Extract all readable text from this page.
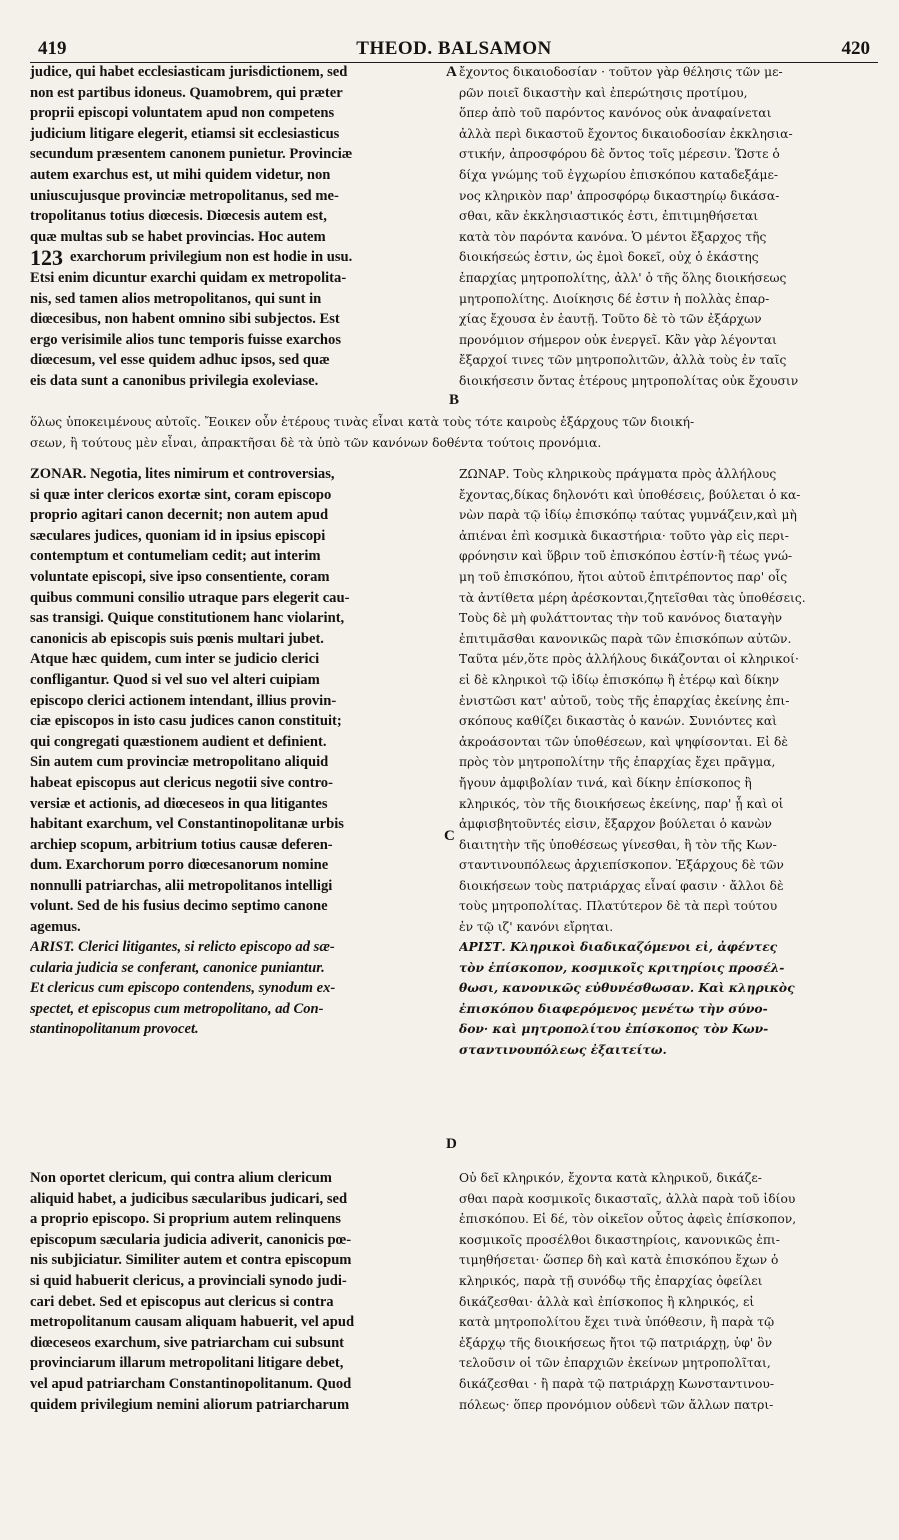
419	THEOD. BALSAMON	420
A
B
C
D
judice, qui habet ecclesiasticam jurisdictionem, sed
non est partibus idoneus. Quamobrem, qui præter
proprii episcopi voluntatem apud non competens
judicium litigare elegerit, etiamsi sit ecclesiasticus
secundum præsentem canonem punietur. Provinciæ
autem exarchus est, ut mihi quidem videtur, non
uniuscujusque provinciæ metropolitanus, sed me-
tropolitanus totius diœcesis. Diœcesis autem est,
quæ multas sub se habet provincias. Hoc autem
exarchorum privilegium non est hodie in usu.
Etsi enim dicuntur exarchi quidam ex metropolita-
nis, sed tamen alios metropolitanos, qui sunt in
diœcesibus, non habent omnino sibi subjectos. Est
ergo verisimile alios tunc temporis fuisse exarchos
diœcesum, vel esse quidem adhuc ipsos, sed quæ
eis data sunt a canonibus privilegia exoleviase.
123
ἔχοντος δικαιοδοσίαν · τοῦτον γὰρ θέλησις τῶν με-
ρῶν ποιεῖ δικαστὴν καὶ ἐπερώτησις προτίμου,
ὅπερ ἀπὸ τοῦ παρόντος κανόνος οὐκ ἀναφαίνεται
ἀλλὰ περὶ δικαστοῦ ἔχοντος δικαιοδοσίαν ἐκκλησια-
στικήν, ἀπροσφόρου δὲ ὄντος τοῖς μέρεσιν. Ὥστε ὁ
δίχα γνώμης τοῦ ἐγχωρίου ἐπισκόπου καταδεξάμε-
νος κληρικὸν παρ' ἀπροσφόρῳ δικαστηρίῳ δικάσα-
σθαι, κἂν ἐκκλησιαστικός ἐστι, ἐπιτιμηθήσεται
κατὰ τὸν παρόντα κανόνα. Ὁ μέντοι ἔξαρχος τῆς
διοικήσεώς ἐστιν, ὡς ἐμοὶ δοκεῖ, οὐχ ὁ ἑκάστης
ἐπαρχίας μητροπολίτης, ἀλλ' ὁ τῆς ὅλης διοικήσεως
μητροπολίτης. Διοίκησις δέ ἐστιν ἡ πολλὰς ἐπαρ-
χίας ἔχουσα ἐν ἑαυτῇ. Τοῦτο δὲ τὸ τῶν ἐξάρχων
προνόμιον σήμερον οὐκ ἐνεργεῖ. Κἂν γὰρ λέγονται
ἔξαρχοί τινες τῶν μητροπολιτῶν, ἀλλὰ τοὺς ἐν ταῖς
διοικήσεσιν ὄντας ἑτέρους μητροπολίτας οὐκ ἔχουσιν
ὅλως ὑποκειμένους αὐτοῖς. Ἔοικεν οὖν ἑτέρους τινὰς εἶναι κατὰ τοὺς τότε καιροὺς ἐξάρχους τῶν διοική-
σεων, ἢ τούτους μὲν εἶναι, ἀπρακτῆσαι δὲ τὰ ὑπὸ τῶν κανόνων δοθέντα τούτοις προνόμια.
ZONAR. Negotia, lites nimirum et controversias,
si quæ inter clericos exortæ sint, coram episcopo
proprio agitari canon decernit; non autem apud
sæculares judices, quoniam id in ipsius episcopi
contemptum et contumeliam cedit; aut interim
voluntate episcopi, sive ipso consentiente, coram
quibus communi consilio utraque pars elegerit cau-
sas transigi. Quique constitutionem hanc violarint,
canonicis ab episcopis suis pœnis multari jubet.
Atque hæc quidem, cum inter se judicio clerici
confligantur. Quod si vel suo vel alteri cuipiam
episcopo clerici actionem intendant, illius provin-
ciæ episcopos in isto casu judices canon constituit;
qui congregati quæstionem audient et definient.
Sin autem cum provinciæ metropolitano aliquid
habeat episcopus aut clericus negotii sive contro-
versiæ et actionis, ad diœceseos in qua litigantes
habitant exarchum, vel Constantinopolitanæ urbis
archiep scopum, arbitrium totius causæ deferen-
dum. Exarchorum porro diœcesanorum nomine
nonnulli patriarchas, alii metropolitanos intelligi
volunt. Sed de his fusius decimo septimo canone
agemus.
ΖΩΝΑΡ. Τοὺς κληρικοὺς πράγματα πρὸς ἀλλήλους
ἔχοντας,δίκας δηλονότι καὶ ὑποθέσεις, βούλεται ὁ κα-
νὼν παρὰ τῷ ἰδίῳ ἐπισκόπῳ ταύτας γυμνάζειν,καὶ μὴ
ἀπιέναι ἐπὶ κοσμικὰ δικαστήρια· τοῦτο γὰρ εἰς περι-
φρόνησιν καὶ ὕβριν τοῦ ἐπισκόπου ἐστίν·ἢ τέως γνώ-
μη τοῦ ἐπισκόπου, ἤτοι αὐτοῦ ἐπιτρέποντος παρ' οἷς
τὰ ἀντίθετα μέρη ἀρέσκονται,ζητεῖσθαι τὰς ὑποθέσεις.
Τοὺς δὲ μὴ φυλάττοντας τὴν τοῦ κανόνος διαταγὴν
ἐπιτιμᾶσθαι κανονικῶς παρὰ τῶν ἐπισκόπων αὐτῶν.
Ταῦτα μέν,ὅτε πρὸς ἀλλήλους δικάζονται οἱ κληρικοί·
εἰ δὲ κληρικοὶ τῷ ἰδίῳ ἐπισκόπῳ ἢ ἑτέρῳ καὶ δίκην
ἐνιστῶσι κατ' αὐτοῦ, τοὺς τῆς ἐπαρχίας ἐκείνης ἐπι-
σκόπους καθίζει δικαστὰς ὁ κανών. Συνιόντες καὶ
ἀκροάσονται τῶν ὑποθέσεων, καὶ ψηφίσονται. Εἰ δὲ
πρὸς τὸν μητροπολίτην τῆς ἐπαρχίας ἔχει πρᾶγμα,
ἤγουν ἀμφιβολίαν τινά, καὶ δίκην ἐπίσκοπος ἢ
κληρικός, τὸν τῆς διοικήσεως ἐκείνης, παρ' ᾗ καὶ οἱ
ἀμφισβητοῦντές εἰσιν, ἔξαρχον βούλεται ὁ κανὼν
διαιτητὴν τῆς ὑποθέσεως γίνεσθαι, ἢ τὸν τῆς Κων-
σταντινουπόλεως ἀρχιεπίσκοπον. Ἐξάρχους δὲ τῶν
διοικήσεων τοὺς πατριάρχας εἶναί φασιν · ἄλλοι δὲ
τοὺς μητροπολίτας. Πλατύτερον δὲ τὰ περὶ τούτου
ἐν τῷ ιζ' κανόνι εἴρηται.
ARIST. Clerici litigantes, si relicto episcopo ad sæ-
cularia judicia se conferant, canonice puniantur.
Et clericus cum episcopo contendens, synodum ex-
spectet, et episcopus cum metropolitano, ad Con-
stantinopolitanum provocet.
ΑΡΙΣΤ. Κληρικοὶ διαδικαζόμενοι εἰ, ἀφέντες
τὸν ἐπίσκοπον, κοσμικοῖς κριτηρίοις προσέλ-
θωσι, κανονικῶς εὐθυνέσθωσαν. Καὶ κληρικὸς
ἐπισκόπου διαφερόμενος μενέτω τὴν σύνο-
δον· καὶ μητροπολίτου ἐπίσκοπος τὸν Κων-
σταντινουπόλεως ἐξαιτείτω.
Non oportet clericum, qui contra alium clericum
aliquid habet, a judicibus sæcularibus judicari, sed
a proprio episcopo. Si proprium autem relinquens
episcopum sæcularia judicia adiverit, canonicis pœ-
nis subjiciatur. Similiter autem et contra episcopum
si quid habuerit clericus, a provinciali synodo judi-
cari debet. Sed et episcopus aut clericus si contra
metropolitanum causam aliquam habuerit, vel apud
diœceseos exarchum, sive patriarcham cui subsunt
provinciarum illarum metropolitani litigare debet,
vel apud patriarcham Constantinopolitanum. Quod
quidem privilegium nemini aliorum patriarcharum
Οὐ δεῖ κληρικόν, ἔχοντα κατὰ κληρικοῦ, δικάζε-
σθαι παρὰ κοσμικοῖς δικασταῖς, ἀλλὰ παρὰ τοῦ ἰδίου
ἐπισκόπου. Εἰ δέ, τὸν οἰκεῖον οὗτος ἀφεὶς ἐπίσκοπον,
κοσμικοῖς προσέλθοι δικαστηρίοις, κανονικῶς ἐπι-
τιμηθήσεται· ὥσπερ δὴ καὶ κατὰ ἐπισκόπου ἔχων ὁ
κληρικός, παρὰ τῇ συνόδῳ τῆς ἐπαρχίας ὀφείλει
δικάζεσθαι· ἀλλὰ καὶ ἐπίσκοπος ἢ κληρικός, εἰ
κατὰ μητροπολίτου ἔχει τινὰ ὑπόθεσιν, ἢ παρὰ τῷ
ἐξάρχῳ τῆς διοικήσεως ἤτοι τῷ πατριάρχῃ, ὑφ' ὃν
τελοῦσιν οἱ τῶν ἐπαρχιῶν ἐκείνων μητροπολῖται,
δικάζεσθαι · ἢ παρὰ τῷ πατριάρχῃ Κωνσταντινου-
πόλεως· ὅπερ προνόμιον οὐδενὶ τῶν ἄλλων πατρι-
